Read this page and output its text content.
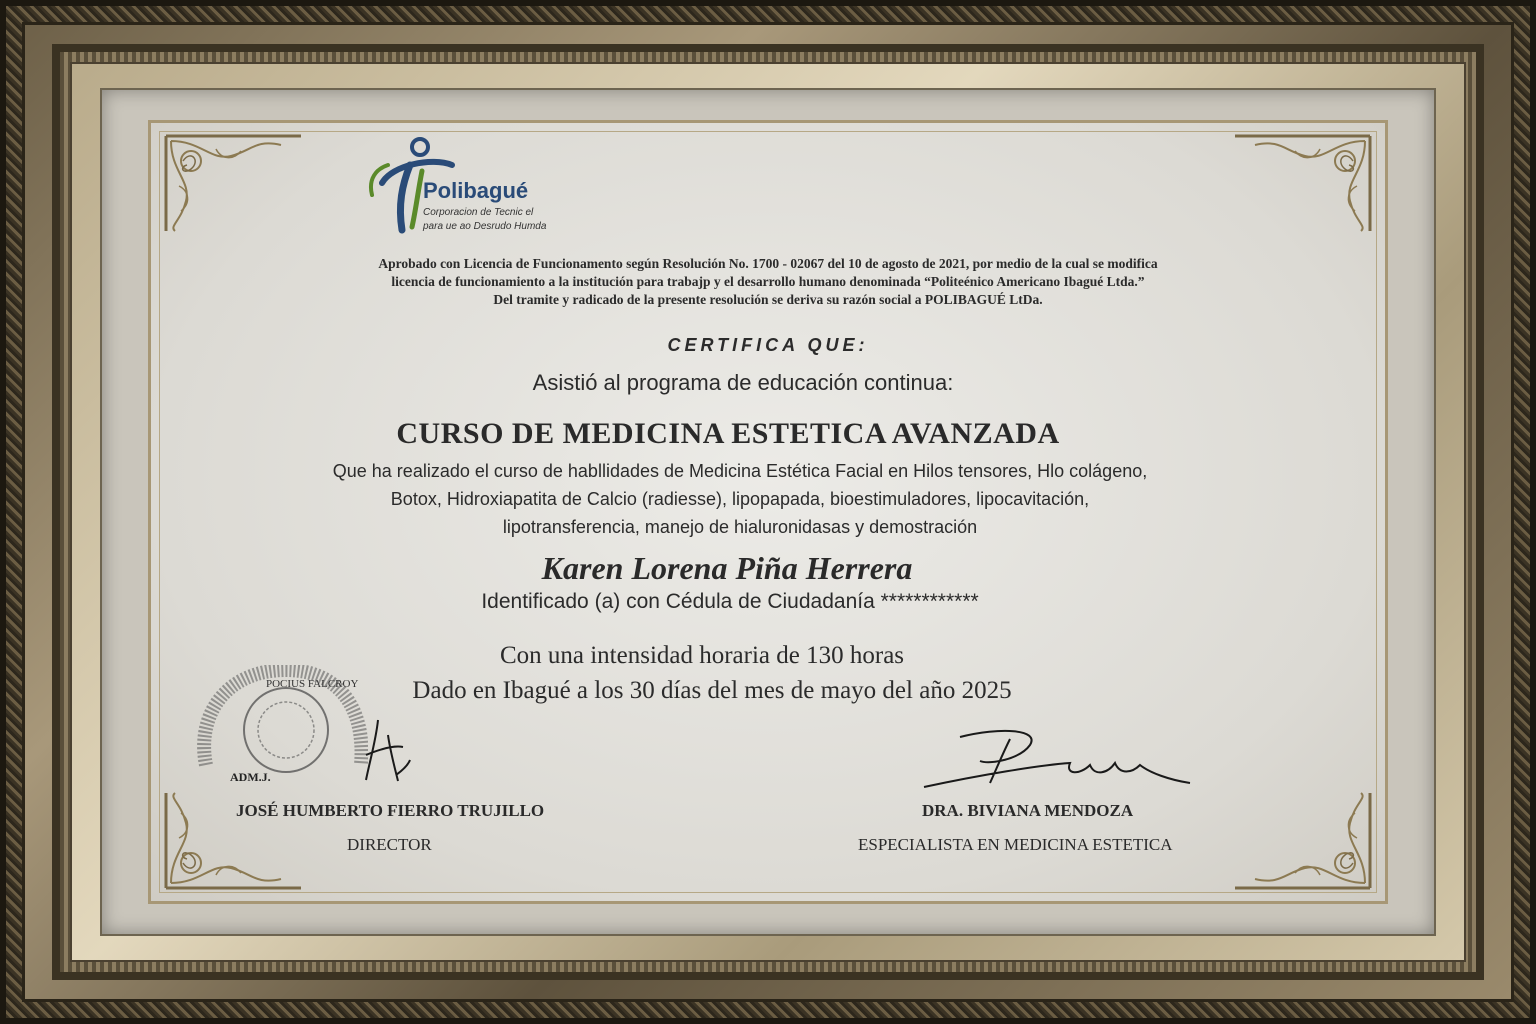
Polibagué
Corporacion de Tecnic el
para ue ao Desrudo Humda
Aprobado con Licencia de Funcionamento según Resolución No. 1700 - 02067 del 10 de agosto de 2021, por medio de la cual se modifica
licencia de funcionamiento a la institución para trabajp y el desarrollo humano denominada “Politeénico Americano Ibagué Ltda.”
Del tramite y radicado de la presente resolución se deriva su razón social a POLIBAGUÉ LtDa.
CERTIFICA QUE:
Asistió al programa de educación continua:
CURSO DE MEDICINA ESTETICA AVANZADA
Que ha realizado el curso de habllidades de Medicina Estética Facial en Hilos tensores, Hlo colágeno,
Botox, Hidroxiapatita de Calcio (radiesse), lipopapada, bioestimuladores, lipocavitación,
lipotransferencia, manejo de hialuronidasas y demostración
Karen Lorena Piña Herrera
Identificado (a) con Cédula de Ciudadanía ************
Con una intensidad horaria de 130 horas
Dado en Ibagué a los 30 días del mes de mayo del año 2025
POCIUS FALCROY
ADM.J.
JOSÉ HUMBERTO FIERRO TRUJILLO
DIRECTOR
DRA. BIVIANA MENDOZA
ESPECIALISTA EN MEDICINA ESTETICA
